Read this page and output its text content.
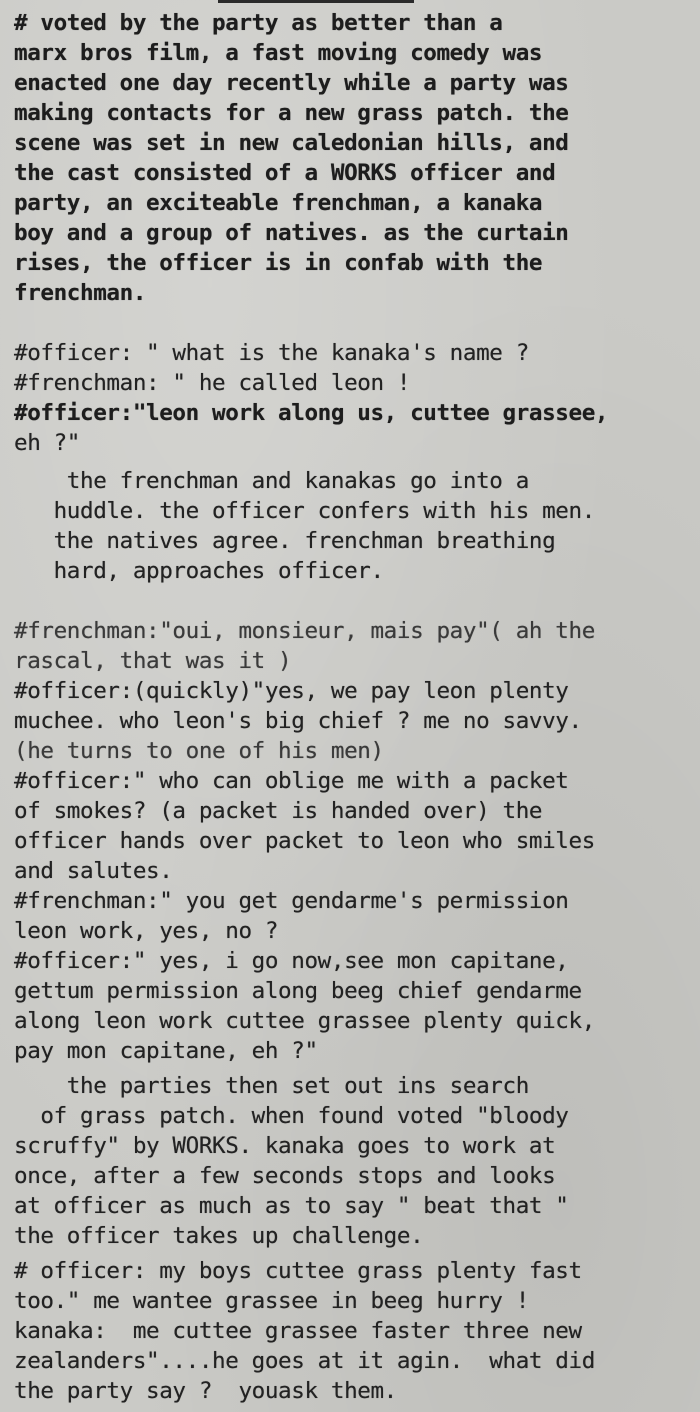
# voted by the party as better than a
marx bros film, a fast moving comedy was
enacted one day recently while a party was
making contacts for a new grass patch. the
scene was set in new caledonian hills, and
the cast consisted of a WORKS officer and
party, an exciteable frenchman, a kanaka
boy and a group of natives. as the curtain
rises, the officer is in confab with the
frenchman.
#officer: " what is the kanaka's name ?
#frenchman: " he called leon !
#officer:"leon work along us, cuttee grassee,
eh ?"
the frenchman and kanakas go into a
huddle. the officer confers with his men.
the natives agree. frenchman breathing
hard, approaches officer.
#frenchman:"oui, monsieur, mais pay"( ah the
rascal, that was it )
#officer:(quickly)"yes, we pay leon plenty
muchee. who leon's big chief ? me no savvy.
(he turns to one of his men)
#officer:" who can oblige me with a packet
of smokes? (a packet is handed over) the
officer hands over packet to leon who smiles
and salutes.
#frenchman:" you get gendarme's permission
leon work, yes, no ?
#officer:" yes, i go now,see mon capitane,
gettum permission along beeg chief gendarme
along leon work cuttee grassee plenty quick,
pay mon capitane, eh ?"
the parties then set out ins search
of grass patch. when found voted "bloody
scruffy" by WORKS. kanaka goes to work at
once, after a few seconds stops and looks
at officer as much as to say " beat that "
the officer takes up challenge.
# officer: my boys cuttee grass plenty fast
too." me wantee grassee in beeg hurry !
kanaka:  me cuttee grassee faster three new
zealanders"....he goes at it agin.  what did
the party say ?  youask them.
